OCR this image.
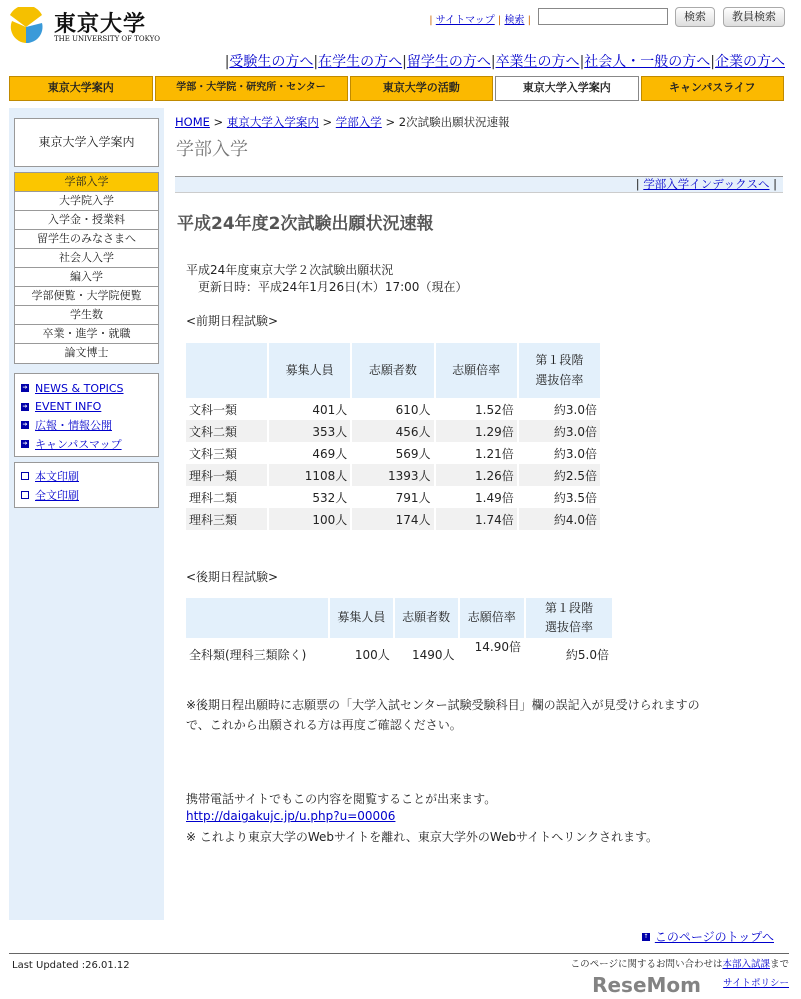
東京大学
THE UNIVERSITY OF TOKYO
| サイトマップ | 検索 |	検索	教員検索
|受験生の方へ|在学生の方へ|留学生の方へ|卒業生の方へ|社会人・一般の方へ|企業の方へ
東京大学案内	学部・大学院・研究所・センター	東京大学の活動	東京大学入学案内	キャンパスライフ
東京大学入学案内
学部入学
大学院入学
入学金・授業料
留学生のみなさまへ
社会人入学
編入学
学部便覧・大学院便覧
学生数
卒業・進学・就職
論文博士
➔ NEWS & TOPICS
➔ EVENT INFO
➔ 広報・情報公開
➔ キャンパスマップ
本文印刷
全文印刷
HOME > 東京大学入学案内 > 学部入学 > 2次試験出願状況速報
学部入学
| 学部入学インデックスへ |
平成24年度2次試験出願状況速報
平成24年度東京大学２次試験出願状況
更新日時：平成24年1月26日(木）17:00（現在）
<前期日程試験>
	募集人員	志願者数	志願倍率	第１段階
選抜倍率
文科一類	401人	610人	1.52倍	約3.0倍
文科二類	353人	456人	1.29倍	約3.0倍
文科三類	469人	569人	1.21倍	約3.0倍
理科一類	1108人	1393人	1.26倍	約2.5倍
理科二類	532人	791人	1.49倍	約3.5倍
理科三類	100人	174人	1.74倍	約4.0倍
<後期日程試験>
	募集人員	志願者数	志願倍率	第１段階
選抜倍率
全科類(理科三類除く)	100人	1490人	14.90倍	約5.0倍
※後期日程出願時に志願票の「大学入試センター試験受験科目」欄の誤記入が見受けられますの
で、これから出願される方は再度ご確認ください。
携帯電話サイトでもこの内容を閲覧することが出来ます。
http://daigakujc.jp/u.php?u=00006
※ これより東京大学のWebサイトを離れ、東京大学外のWebサイトへリンクされます。
↑ このページのトップへ
Last Updated :26.01.12	このページに関するお問い合わせは本部入試課まで
サイトポリシー
ReseMom
